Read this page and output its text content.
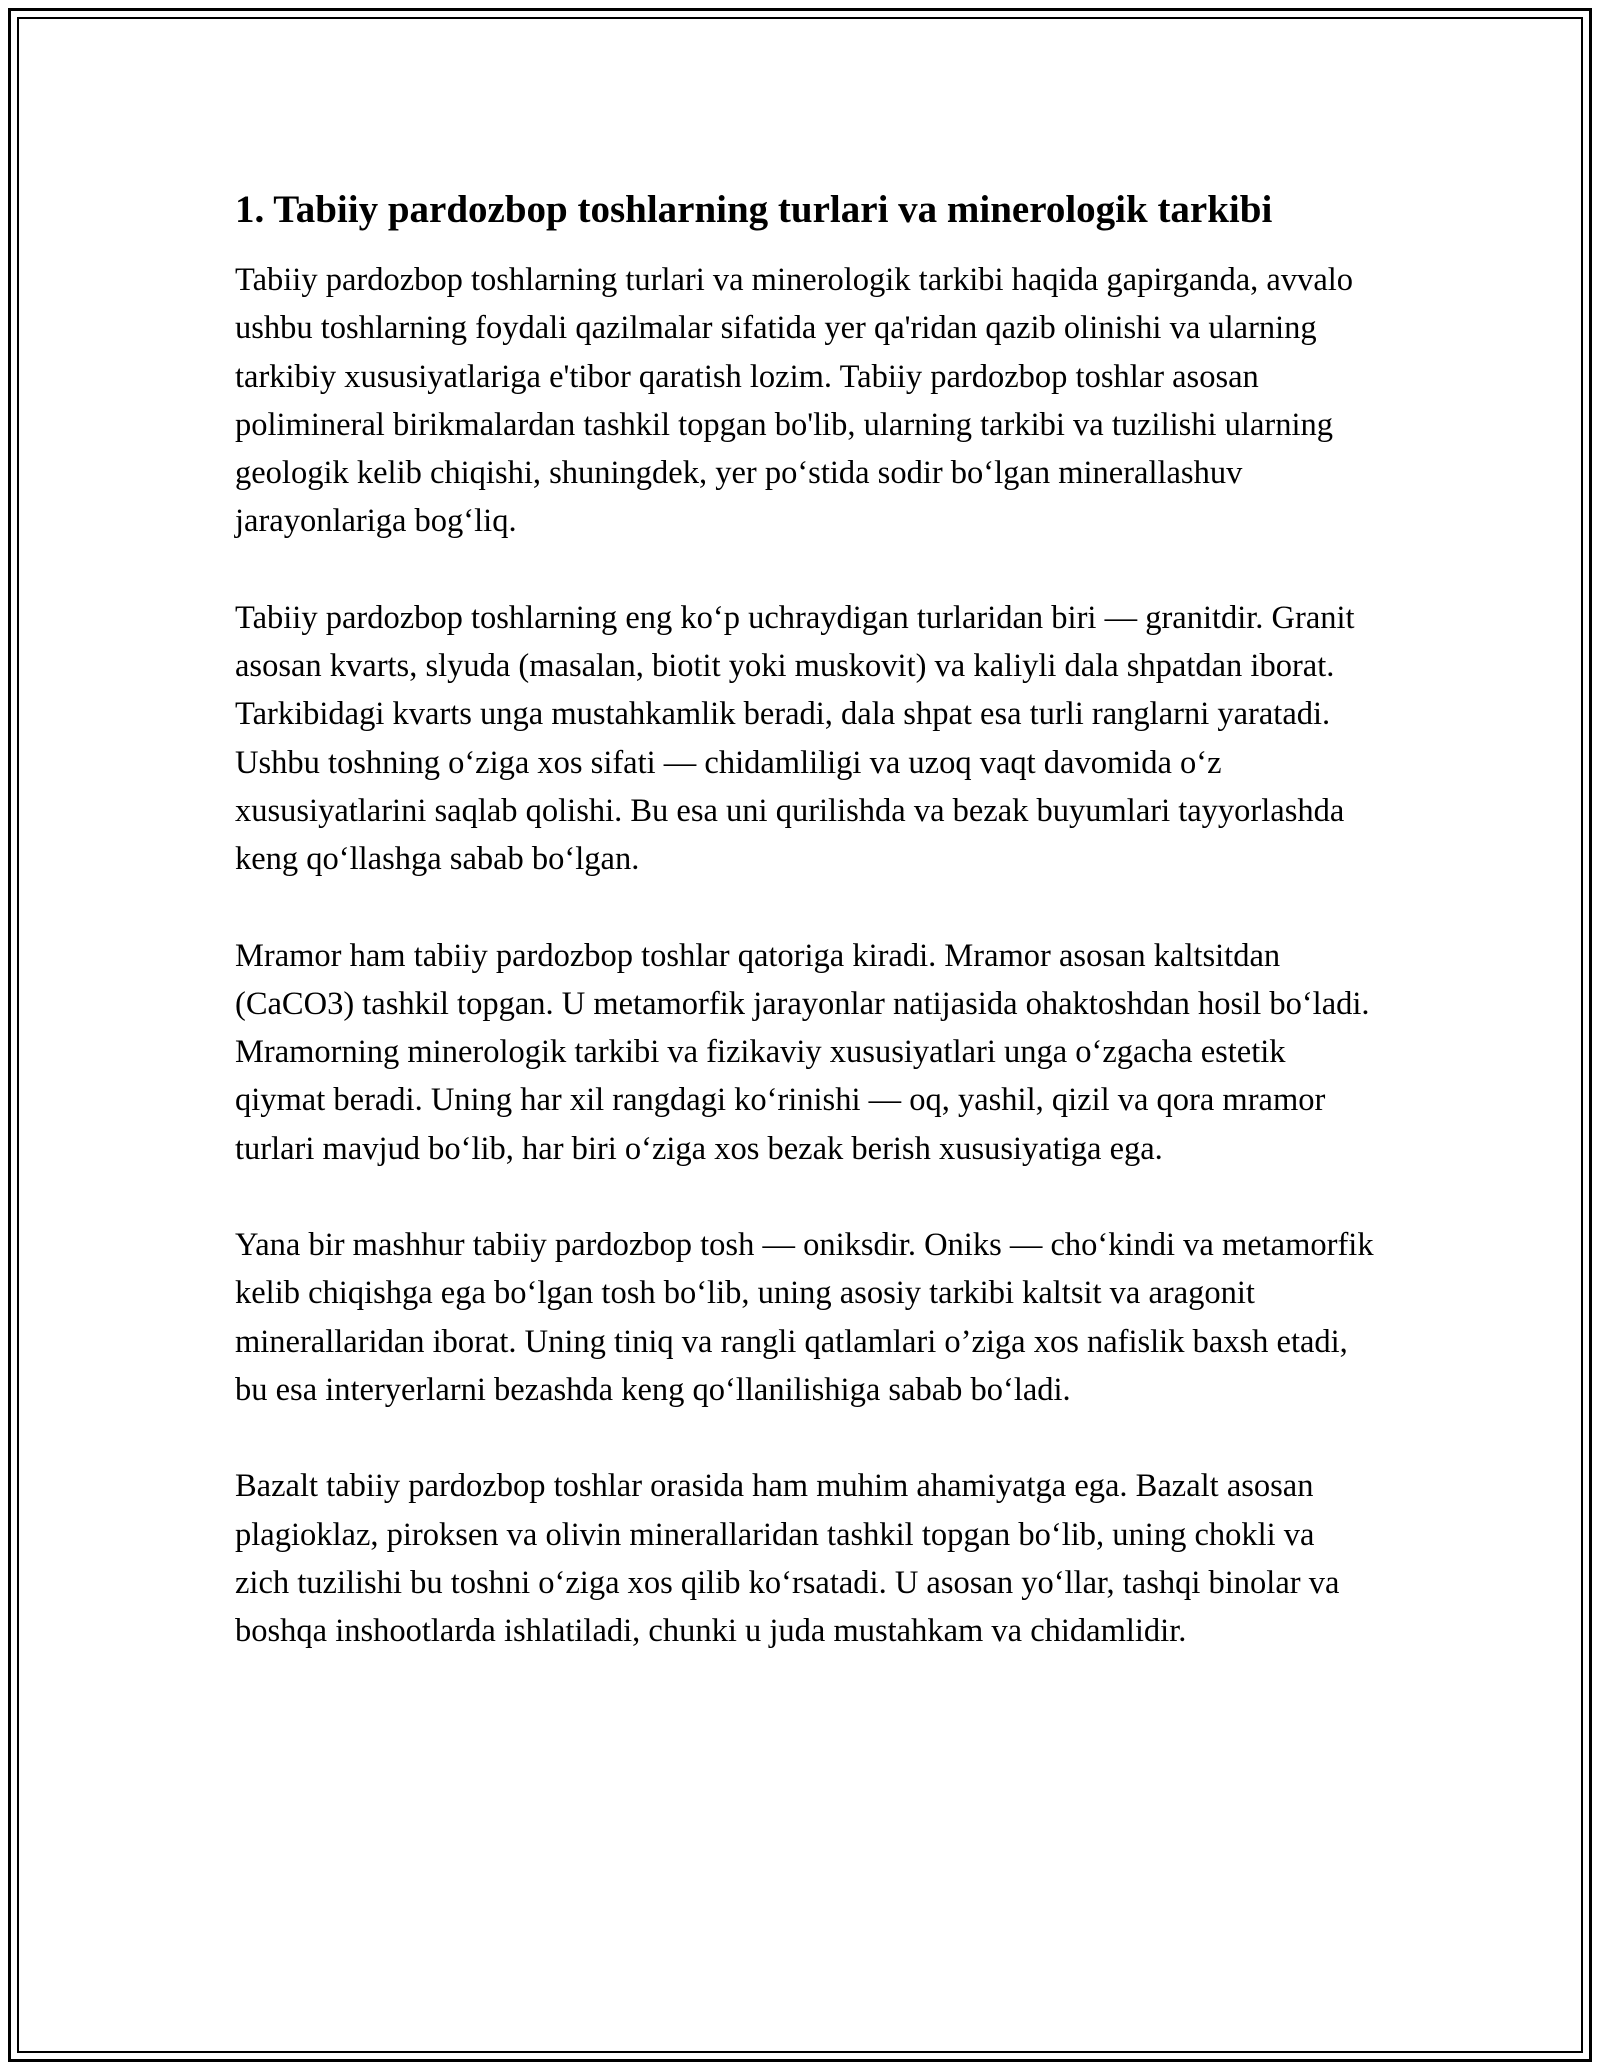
1. Tabiiy pardozbop toshlarning turlari va minerologik tarkibi

Tabiiy pardozbop toshlarning turlari va minerologik tarkibi haqida gapirganda, avvalo ushbu toshlarning foydali qazilmalar sifatida yer qa'ridan qazib olinishi va ularning tarkibiy xususiyatlariga e'tibor qaratish lozim. Tabiiy pardozbop toshlar asosan polimineral birikmalardan tashkil topgan bo'lib, ularning tarkibi va tuzilishi ularning geologik kelib chiqishi, shuningdek, yer po‘stida sodir bo‘lgan minerallashuv jarayonlariga bog‘liq.

Tabiiy pardozbop toshlarning eng ko‘p uchraydigan turlaridan biri — granitdir. Granit asosan kvarts, slyuda (masalan, biotit yoki muskovit) va kaliyli dala shpatdan iborat. Tarkibidagi kvarts unga mustahkamlik beradi, dala shpat esa turli ranglarni yaratadi. Ushbu toshning o‘ziga xos sifati — chidamliligi va uzoq vaqt davomida o‘z xususiyatlarini saqlab qolishi. Bu esa uni qurilishda va bezak buyumlari tayyorlashda keng qo‘llashga sabab bo‘lgan.

Mramor ham tabiiy pardozbop toshlar qatoriga kiradi. Mramor asosan kaltsitdan (CaCO3) tashkil topgan. U metamorfik jarayonlar natijasida ohaktoshdan hosil bo‘ladi. Mramorning minerologik tarkibi va fizikaviy xususiyatlari unga o‘zgacha estetik qiymat beradi. Uning har xil rangdagi ko‘rinishi — oq, yashil, qizil va qora mramor turlari mavjud bo‘lib, har biri o‘ziga xos bezak berish xususiyatiga ega.

Yana bir mashhur tabiiy pardozbop tosh — oniksdir. Oniks — cho‘kindi va metamorfik kelib chiqishga ega bo‘lgan tosh bo‘lib, uning asosiy tarkibi kaltsit va aragonit minerallaridan iborat. Uning tiniq va rangli qatlamlari o’ziga xos nafislik baxsh etadi, bu esa interyerlarni bezashda keng qo‘llanilishiga sabab bo‘ladi.

Bazalt tabiiy pardozbop toshlar orasida ham muhim ahamiyatga ega. Bazalt asosan plagioklaz, piroksen va olivin minerallaridan tashkil topgan bo‘lib, uning chokli va zich tuzilishi bu toshni o‘ziga xos qilib ko‘rsatadi. U asosan yo‘llar, tashqi binolar va boshqa inshootlarda ishlatiladi, chunki u juda mustahkam va chidamlidir.
